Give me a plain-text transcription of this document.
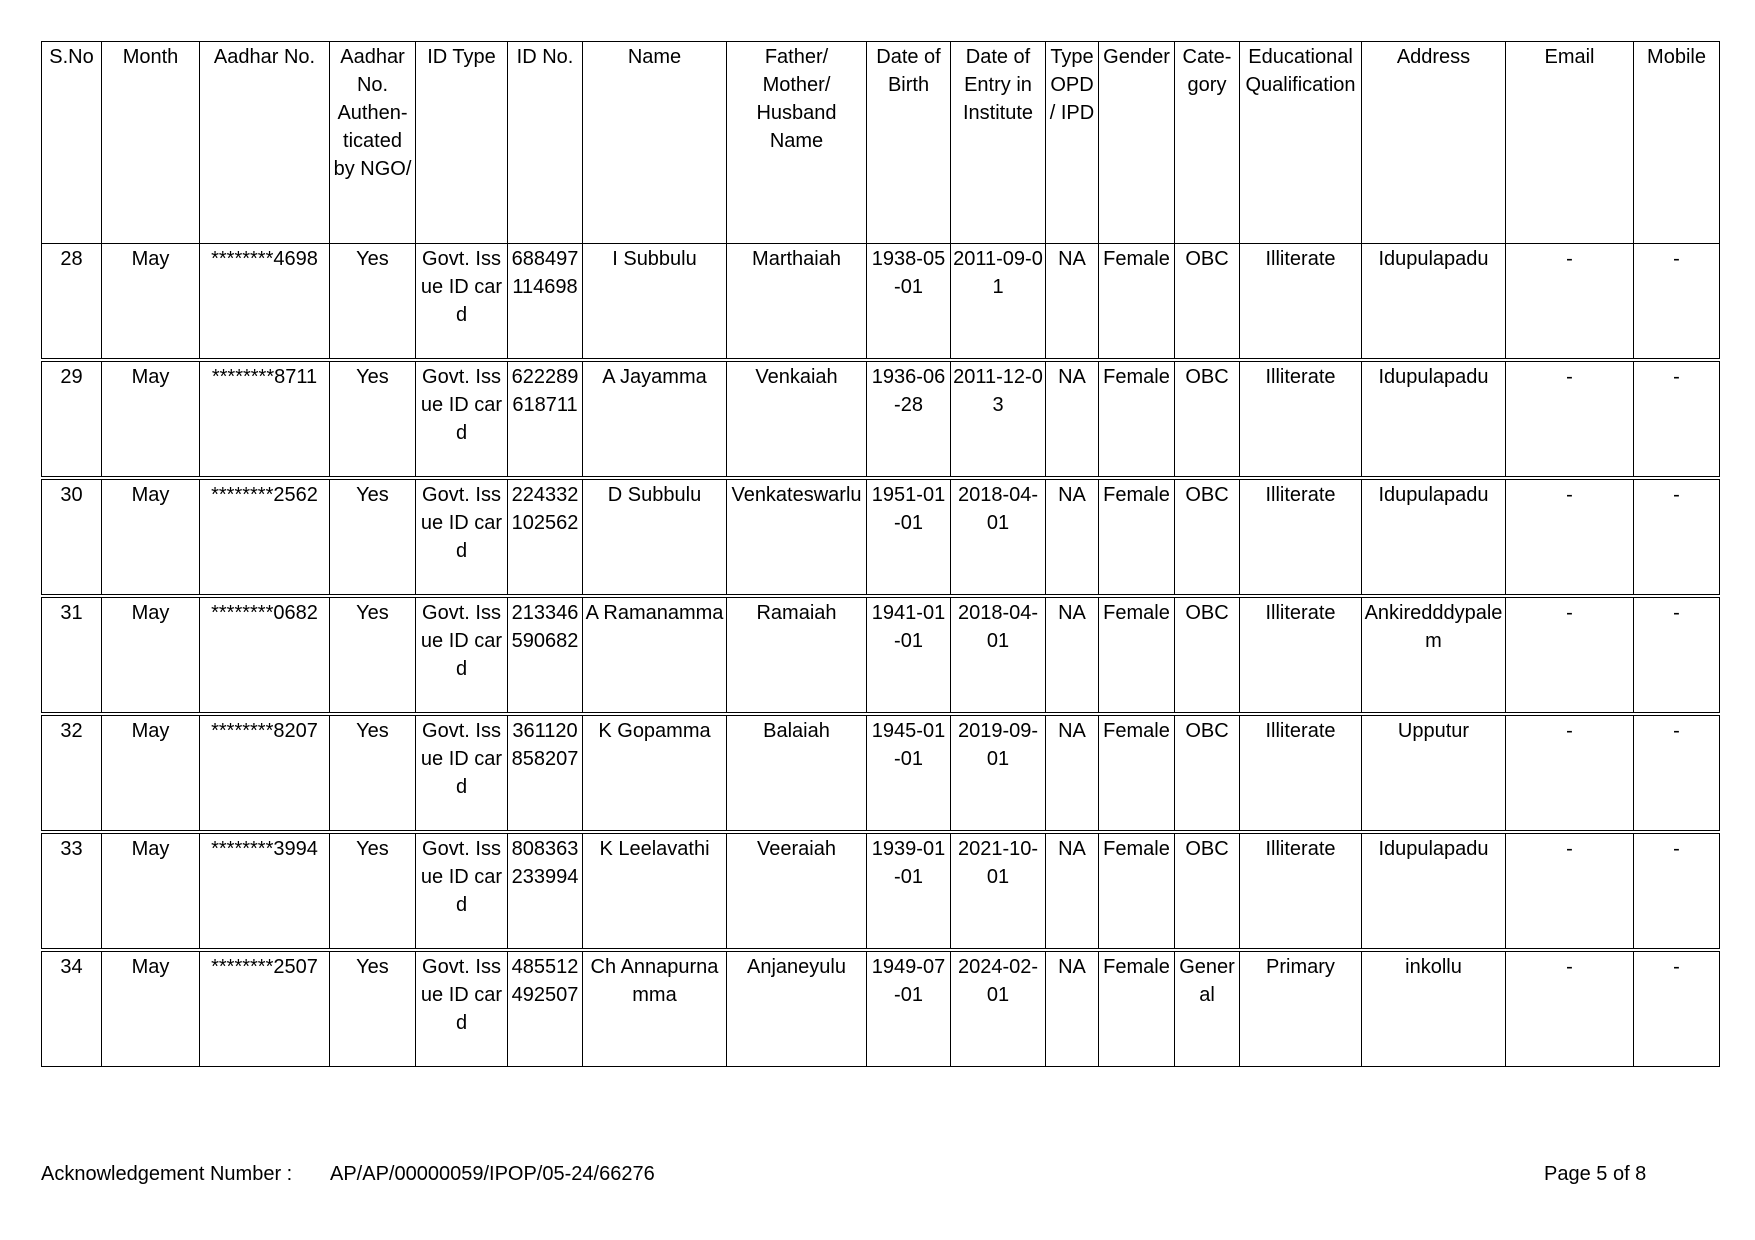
S.No	Month	Aadhar No.	Aadhar No. Authen-ticated by NGO/	ID Type	ID No.	Name	Father/ Mother/ Husband Name	Date of Birth	Date of Entry in Institute	Type OPD / IPD	Gender	Cate-gory	Educational Qualification	Address	Email	Mobile
28	May	********4698	Yes	Govt. Issue ID card	688497114698	I Subbulu	Marthaiah	1938-05-01	2011-09-01	NA	Female	OBC	Illiterate	Idupulapadu	-	-

29	May	********8711	Yes	Govt. Issue ID card	622289618711	A Jayamma	Venkaiah	1936-06-28	2011-12-03	NA	Female	OBC	Illiterate	Idupulapadu	-	-

30	May	********2562	Yes	Govt. Issue ID card	224332102562	D Subbulu	Venkateswarlu	1951-01-01	2018-04-01	NA	Female	OBC	Illiterate	Idupulapadu	-	-

31	May	********0682	Yes	Govt. Issue ID card	213346590682	A Ramanamma	Ramaiah	1941-01-01	2018-04-01	NA	Female	OBC	Illiterate	Ankiredddypalem	-	-

32	May	********8207	Yes	Govt. Issue ID card	361120858207	K Gopamma	Balaiah	1945-01-01	2019-09-01	NA	Female	OBC	Illiterate	Upputur	-	-

33	May	********3994	Yes	Govt. Issue ID card	808363233994	K Leelavathi	Veeraiah	1939-01-01	2021-10-01	NA	Female	OBC	Illiterate	Idupulapadu	-	-

34	May	********2507	Yes	Govt. Issue ID card	485512492507	Ch Annapurnamma	Anjaneyulu	1949-07-01	2024-02-01	NA	Female	General	Primary	inkollu	-	-
Acknowledgement Number : AP/AP/00000059/IPOP/05-24/66276	Page 5 of 8
